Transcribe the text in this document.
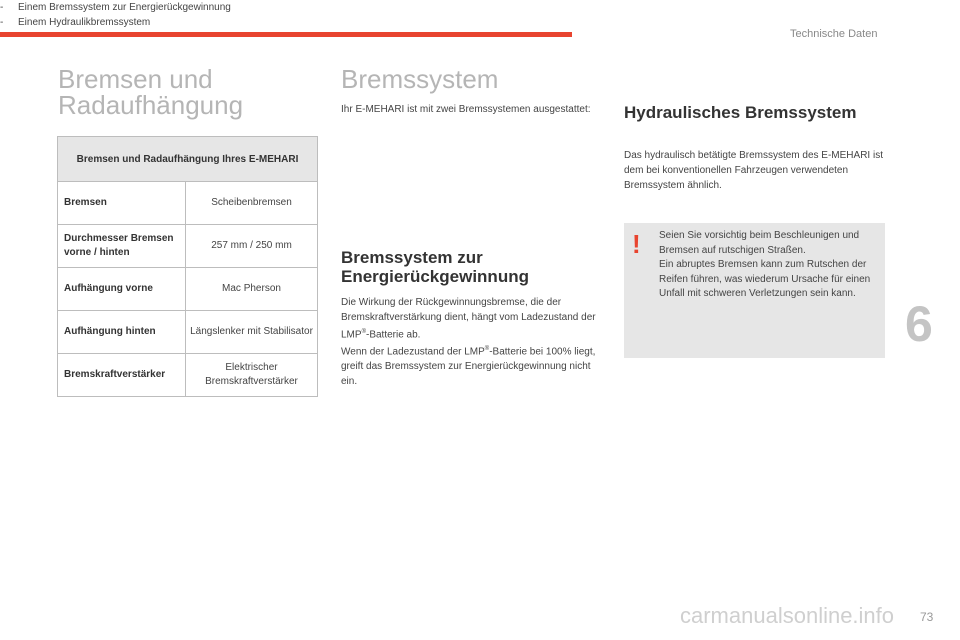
Technische Daten
Bremsen und
Radaufhängung
Bremsen und Radaufhängung Ihres E-MEHARI	
Bremsen	Scheibenbremsen
Durchmesser Bremsen vorne / hinten	257 mm / 250 mm
Aufhängung vorne	Mac Pherson
Aufhängung hinten	Längslenker mit Stabilisator
Bremskraftverstärker	Elektrischer Bremskraftverstärker
Bremssystem
Ihr E-MEHARI ist mit zwei Bremssystemen ausgestattet:
- Einem Bremssystem zur Energierückgewinnung
- Einem Hydraulikbremssystem
Bremssystem zur
Energierückgewinnung
Die Wirkung der Rückgewinnungsbremse, die der Bremskraftverstärkung dient, hängt vom Ladezustand der LMP®-Batterie ab.
Wenn der Ladezustand der LMP®-Batterie bei 100% liegt, greift das Bremssystem zur Energierückgewinnung nicht ein.
Hydraulisches Bremssystem
Das hydraulisch betätigte Bremssystem des E-MEHARI ist dem bei konventionellen Fahrzeugen verwendeten Bremssystem ähnlich.
! Seien Sie vorsichtig beim Beschleunigen und Bremsen auf rutschigen Straßen.
Ein abruptes Bremsen kann zum Rutschen der Reifen führen, was wiederum Ursache für einen Unfall mit schweren Verletzungen sein kann.
6
carmanualsonline.info 73
